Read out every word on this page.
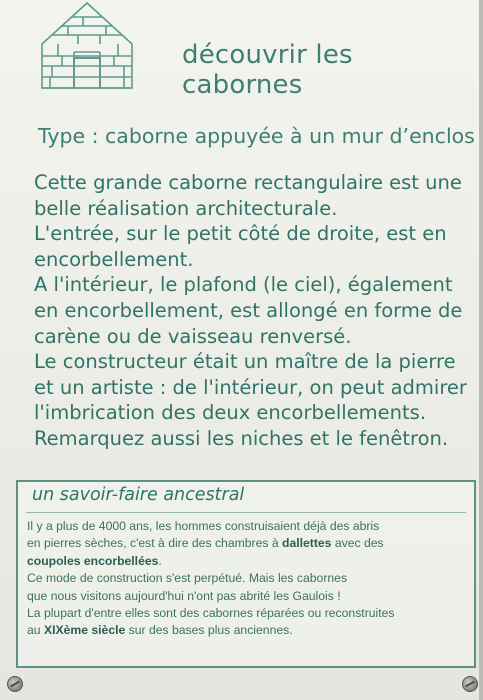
découvrir les cabornes
Type : caborne appuyée à un mur d’enclos
Cette grande caborne rectangulaire est une
belle réalisation architecturale.
L'entrée, sur le petit côté de droite, est en
encorbellement.
A l'intérieur, le plafond (le ciel), également
en encorbellement, est allongé en forme de
carène ou de vaisseau renversé.
Le constructeur était un maître de la pierre
et un artiste : de l'intérieur, on peut admirer
l'imbrication des deux encorbellements.
Remarquez aussi les niches et le fenêtron.
un savoir-faire ancestral
Il y a plus de 4000 ans, les hommes construisaient déjà des abris
en pierres sèches, c'est à dire des chambres à dallettes avec des
coupoles encorbellées.
Ce mode de construction s'est perpétué. Mais les cabornes
que nous visitons aujourd'hui n'ont pas abrité les Gaulois !
La plupart d'entre elles sont des cabornes réparées ou reconstruites
au XIXème siècle sur des bases plus anciennes.
